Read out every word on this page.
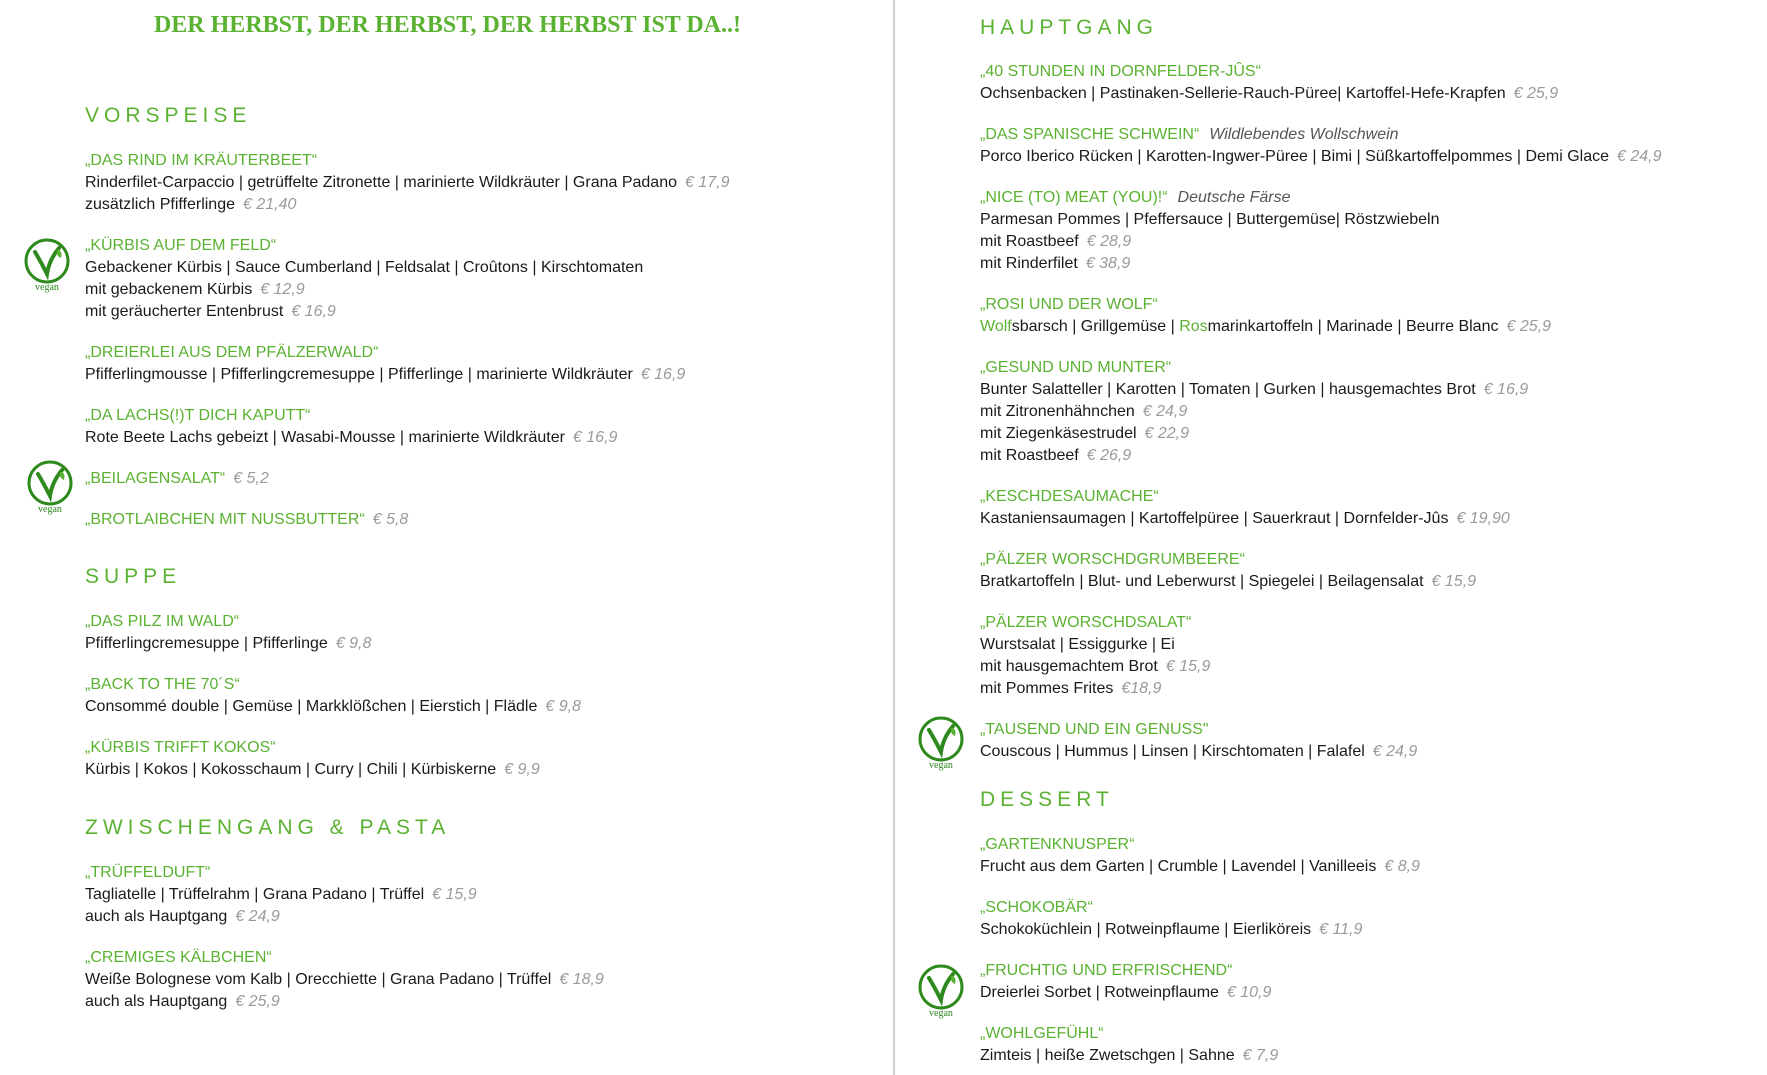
DER HERBST, DER HERBST, DER HERBST IST DA..!
VORSPEISE
„DAS RIND IM KRÄUTERBEET“
Rinderfilet-Carpaccio | getrüffelte Zitronette | marinierte Wildkräuter | Grana Padano € 17,9
zusätzlich Pfifferlinge € 21,40
„KÜRBIS AUF DEM FELD“
Gebackener Kürbis | Sauce Cumberland | Feldsalat | Croûtons | Kirschtomaten
mit gebackenem Kürbis € 12,9
mit geräucherter Entenbrust € 16,9
„DREIERLEI AUS DEM PFÄLZERWALD“
Pfifferlingmousse | Pfifferlingcremesuppe | Pfifferlinge | marinierte Wildkräuter € 16,9
„DA LACHS(!)T DICH KAPUTT“
Rote Beete Lachs gebeizt | Wasabi-Mousse | marinierte Wildkräuter € 16,9
„BEILAGENSALAT“ € 5,2
„BROTLAIBCHEN MIT NUSSBUTTER“ € 5,8
SUPPE
„DAS PILZ IM WALD“
Pfifferlingcremesuppe | Pfifferlinge € 9,8
„BACK TO THE 70´S“
Consommé double | Gemüse | Markklößchen | Eierstich | Flädle € 9,8
„KÜRBIS TRIFFT KOKOS“
Kürbis | Kokos | Kokosschaum | Curry | Chili | Kürbiskerne € 9,9
ZWISCHENGANG & PASTA
„TRÜFFELDUFT“
Tagliatelle | Trüffelrahm | Grana Padano | Trüffel € 15,9
auch als Hauptgang € 24,9
„CREMIGES KÄLBCHEN“
Weiße Bolognese vom Kalb | Orecchiette | Grana Padano | Trüffel € 18,9
auch als Hauptgang € 25,9
HAUPTGANG
„40 STUNDEN IN DORNFELDER-JÛS“
Ochsenbacken | Pastinaken-Sellerie-Rauch-Püree| Kartoffel-Hefe-Krapfen € 25,9
„DAS SPANISCHE SCHWEIN“ Wildlebendes Wollschwein
Porco Iberico Rücken | Karotten-Ingwer-Püree | Bimi | Süßkartoffelpommes | Demi Glace € 24,9
„NICE (TO) MEAT (YOU)!“ Deutsche Färse
Parmesan Pommes | Pfeffersauce | Buttergemüse| Röstzwiebeln
mit Roastbeef € 28,9
mit Rinderfilet € 38,9
„ROSI UND DER WOLF“
Wolfsbarsch | Grillgemüse | Rosmarinkartoffeln | Marinade | Beurre Blanc € 25,9
„GESUND UND MUNTER“
Bunter Salatteller | Karotten | Tomaten | Gurken | hausgemachtes Brot € 16,9
mit Zitronenhähnchen € 24,9
mit Ziegenkäsestrudel € 22,9
mit Roastbeef € 26,9
„KESCHDESAUMACHE“
Kastaniensaumagen | Kartoffelpüree | Sauerkraut | Dornfelder-Jûs € 19,90
„PÄLZER WORSCHDGRUMBEERE“
Bratkartoffeln | Blut- und Leberwurst | Spiegelei | Beilagensalat € 15,9
„PÄLZER WORSCHDSALAT“
Wurstsalat | Essiggurke | Ei
mit hausgemachtem Brot € 15,9
mit Pommes Frites €18,9
„TAUSEND UND EIN GENUSS"
Couscous | Hummus | Linsen | Kirschtomaten | Falafel € 24,9
DESSERT
„GARTENKNUSPER“
Frucht aus dem Garten | Crumble | Lavendel | Vanilleeis € 8,9
„SCHOKOBÄR“
Schokoküchlein | Rotweinpflaume | Eierliköreis € 11,9
„FRUCHTIG UND ERFRISCHEND“
Dreierlei Sorbet | Rotweinpflaume € 10,9
„WOHLGEFÜHL“
Zimteis | heiße Zwetschgen | Sahne € 7,9
vegan
vegan
vegan
vegan
